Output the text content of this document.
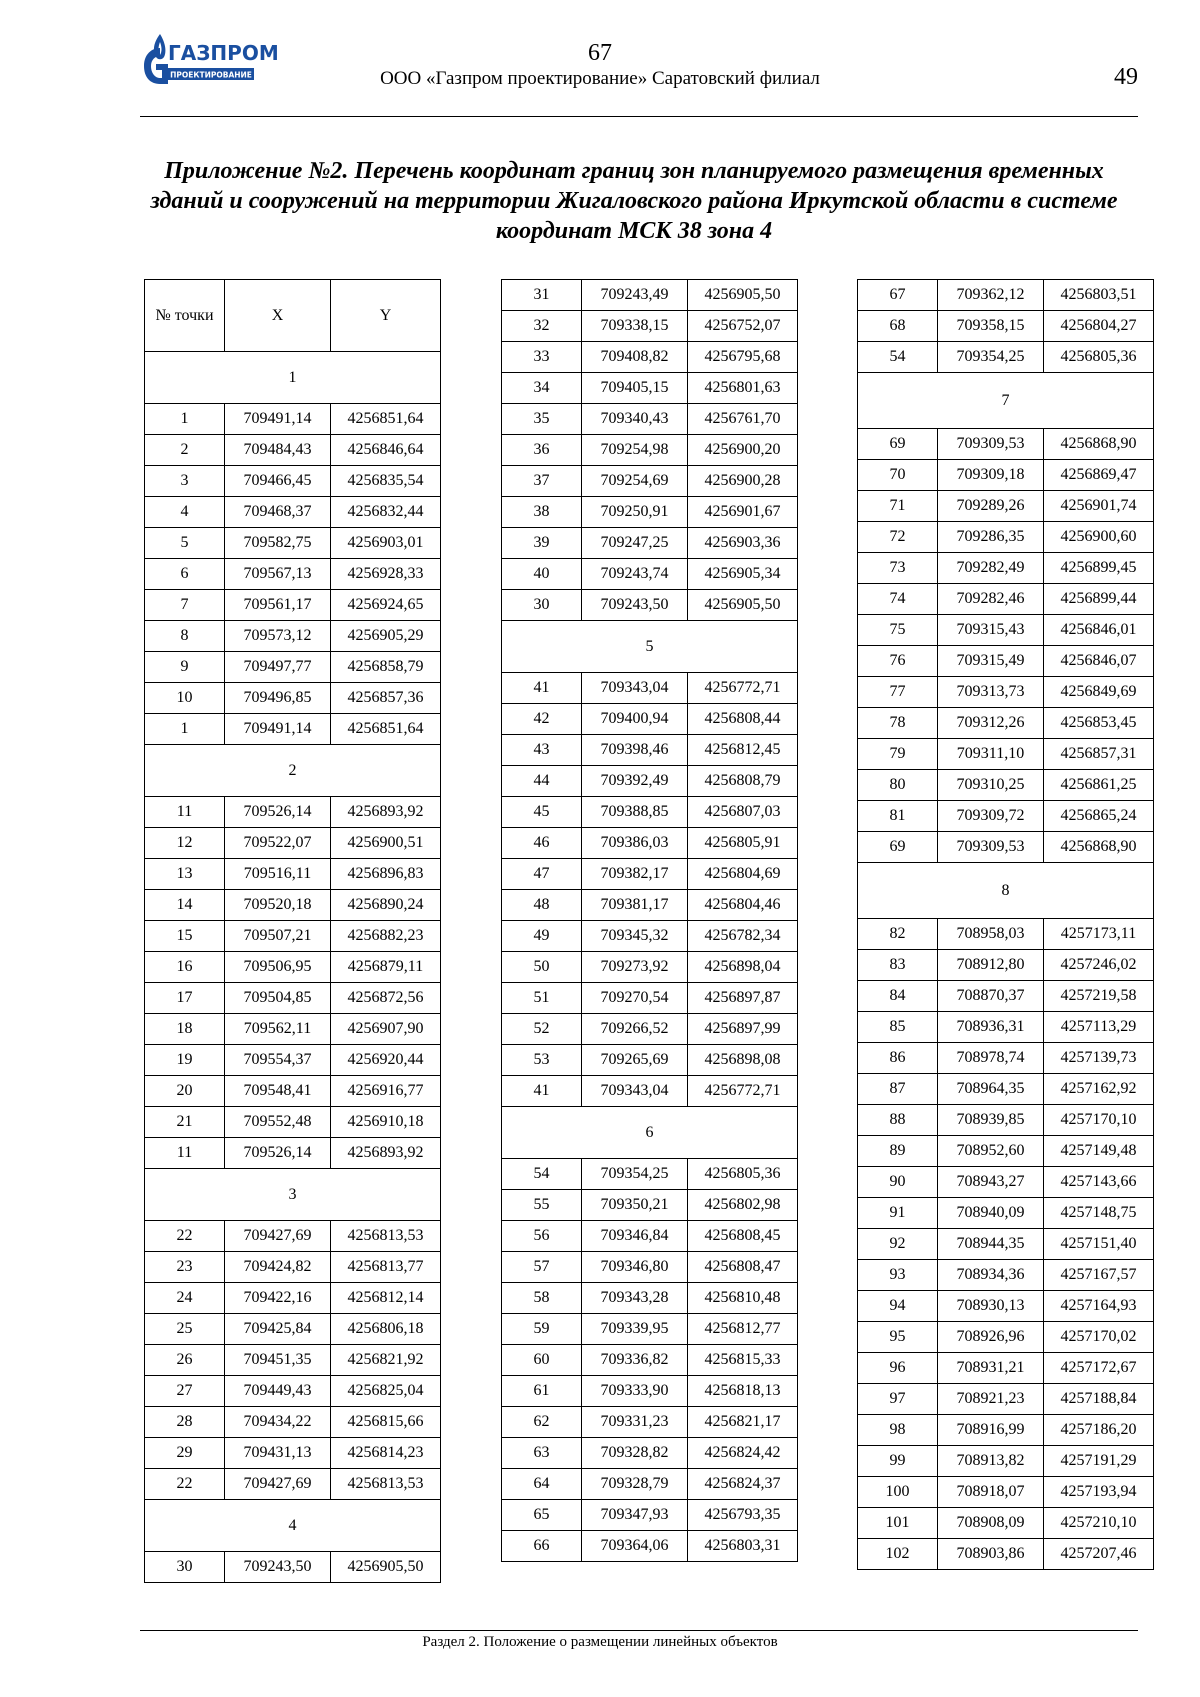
ГАЗПРОМ
ПРОЕКТИРОВАНИЕ
67
ООО «Газпром проектирование» Саратовский филиал	49
Приложение №2. Перечень координат границ зон планируемого размещения временных зданий и сооружений на территории Жигаловского района Иркутской области в системе координат МСК 38 зона 4
№ точки	X	Y
1		
1	709491,14	4256851,64
2	709484,43	4256846,64
3	709466,45	4256835,54
4	709468,37	4256832,44
5	709582,75	4256903,01
6	709567,13	4256928,33
7	709561,17	4256924,65
8	709573,12	4256905,29
9	709497,77	4256858,79
10	709496,85	4256857,36
1	709491,14	4256851,64
2		
11	709526,14	4256893,92
12	709522,07	4256900,51
13	709516,11	4256896,83
14	709520,18	4256890,24
15	709507,21	4256882,23
16	709506,95	4256879,11
17	709504,85	4256872,56
18	709562,11	4256907,90
19	709554,37	4256920,44
20	709548,41	4256916,77
21	709552,48	4256910,18
11	709526,14	4256893,92
3		
22	709427,69	4256813,53
23	709424,82	4256813,77
24	709422,16	4256812,14
25	709425,84	4256806,18
26	709451,35	4256821,92
27	709449,43	4256825,04
28	709434,22	4256815,66
29	709431,13	4256814,23
22	709427,69	4256813,53
4		
30	709243,50	4256905,50
31	709243,49	4256905,50
32	709338,15	4256752,07
33	709408,82	4256795,68
34	709405,15	4256801,63
35	709340,43	4256761,70
36	709254,98	4256900,20
37	709254,69	4256900,28
38	709250,91	4256901,67
39	709247,25	4256903,36
40	709243,74	4256905,34
30	709243,50	4256905,50
5		
41	709343,04	4256772,71
42	709400,94	4256808,44
43	709398,46	4256812,45
44	709392,49	4256808,79
45	709388,85	4256807,03
46	709386,03	4256805,91
47	709382,17	4256804,69
48	709381,17	4256804,46
49	709345,32	4256782,34
50	709273,92	4256898,04
51	709270,54	4256897,87
52	709266,52	4256897,99
53	709265,69	4256898,08
41	709343,04	4256772,71
6		
54	709354,25	4256805,36
55	709350,21	4256802,98
56	709346,84	4256808,45
57	709346,80	4256808,47
58	709343,28	4256810,48
59	709339,95	4256812,77
60	709336,82	4256815,33
61	709333,90	4256818,13
62	709331,23	4256821,17
63	709328,82	4256824,42
64	709328,79	4256824,37
65	709347,93	4256793,35
66	709364,06	4256803,31
67	709362,12	4256803,51
68	709358,15	4256804,27
54	709354,25	4256805,36
7		
69	709309,53	4256868,90
70	709309,18	4256869,47
71	709289,26	4256901,74
72	709286,35	4256900,60
73	709282,49	4256899,45
74	709282,46	4256899,44
75	709315,43	4256846,01
76	709315,49	4256846,07
77	709313,73	4256849,69
78	709312,26	4256853,45
79	709311,10	4256857,31
80	709310,25	4256861,25
81	709309,72	4256865,24
69	709309,53	4256868,90
8		
82	708958,03	4257173,11
83	708912,80	4257246,02
84	708870,37	4257219,58
85	708936,31	4257113,29
86	708978,74	4257139,73
87	708964,35	4257162,92
88	708939,85	4257170,10
89	708952,60	4257149,48
90	708943,27	4257143,66
91	708940,09	4257148,75
92	708944,35	4257151,40
93	708934,36	4257167,57
94	708930,13	4257164,93
95	708926,96	4257170,02
96	708931,21	4257172,67
97	708921,23	4257188,84
98	708916,99	4257186,20
99	708913,82	4257191,29
100	708918,07	4257193,94
101	708908,09	4257210,10
102	708903,86	4257207,46
Раздел 2. Положение о размещении линейных объектов
